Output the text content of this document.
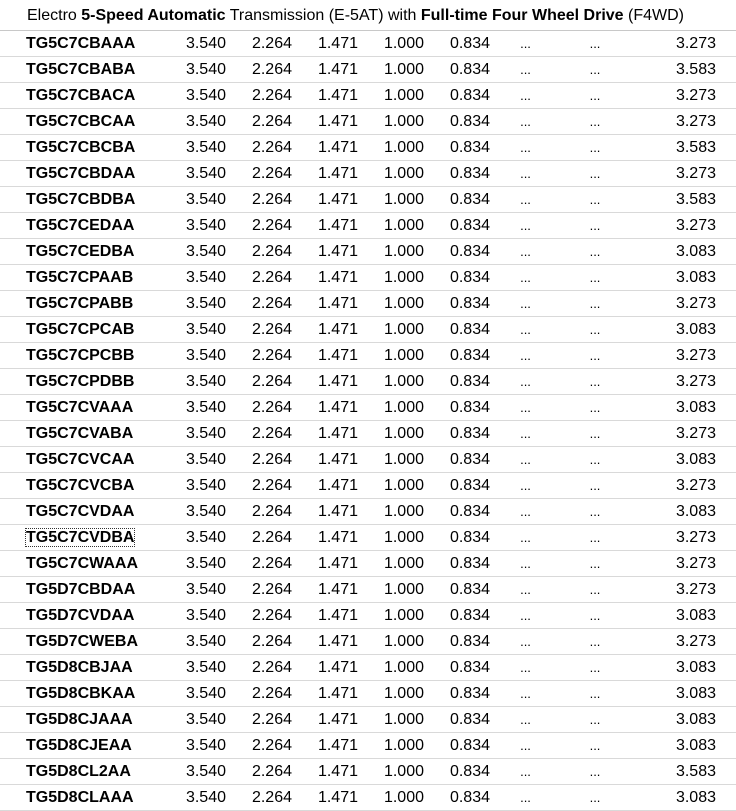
Electro 5-Speed Automatic Transmission (E-5AT) with Full-time Four Wheel Drive (F4WD)
TG5C7CBAAA	3.540	2.264	1.471	1.000	0.834	...	...	3.273	
TG5C7CBABA	3.540	2.264	1.471	1.000	0.834	...	...	3.583	
TG5C7CBACA	3.540	2.264	1.471	1.000	0.834	...	...	3.273	
TG5C7CBCAA	3.540	2.264	1.471	1.000	0.834	...	...	3.273	
TG5C7CBCBA	3.540	2.264	1.471	1.000	0.834	...	...	3.583	
TG5C7CBDAA	3.540	2.264	1.471	1.000	0.834	...	...	3.273	
TG5C7CBDBA	3.540	2.264	1.471	1.000	0.834	...	...	3.583	
TG5C7CEDAA	3.540	2.264	1.471	1.000	0.834	...	...	3.273	
TG5C7CEDBA	3.540	2.264	1.471	1.000	0.834	...	...	3.083	
TG5C7CPAAB	3.540	2.264	1.471	1.000	0.834	...	...	3.083	
TG5C7CPABB	3.540	2.264	1.471	1.000	0.834	...	...	3.273	
TG5C7CPCAB	3.540	2.264	1.471	1.000	0.834	...	...	3.083	
TG5C7CPCBB	3.540	2.264	1.471	1.000	0.834	...	...	3.273	
TG5C7CPDBB	3.540	2.264	1.471	1.000	0.834	...	...	3.273	
TG5C7CVAAA	3.540	2.264	1.471	1.000	0.834	...	...	3.083	
TG5C7CVABA	3.540	2.264	1.471	1.000	0.834	...	...	3.273	
TG5C7CVCAA	3.540	2.264	1.471	1.000	0.834	...	...	3.083	
TG5C7CVCBA	3.540	2.264	1.471	1.000	0.834	...	...	3.273	
TG5C7CVDAA	3.540	2.264	1.471	1.000	0.834	...	...	3.083	
TG5C7CVDBA	3.540	2.264	1.471	1.000	0.834	...	...	3.273	
TG5C7CWAAA	3.540	2.264	1.471	1.000	0.834	...	...	3.273	
TG5D7CBDAA	3.540	2.264	1.471	1.000	0.834	...	...	3.273	
TG5D7CVDAA	3.540	2.264	1.471	1.000	0.834	...	...	3.083	
TG5D7CWEBA	3.540	2.264	1.471	1.000	0.834	...	...	3.273	
TG5D8CBJAA	3.540	2.264	1.471	1.000	0.834	...	...	3.083	
TG5D8CBKAA	3.540	2.264	1.471	1.000	0.834	...	...	3.083	
TG5D8CJAAA	3.540	2.264	1.471	1.000	0.834	...	...	3.083	
TG5D8CJEAA	3.540	2.264	1.471	1.000	0.834	...	...	3.083	
TG5D8CL2AA	3.540	2.264	1.471	1.000	0.834	...	...	3.583	
TG5D8CLAAA	3.540	2.264	1.471	1.000	0.834	...	...	3.083	
